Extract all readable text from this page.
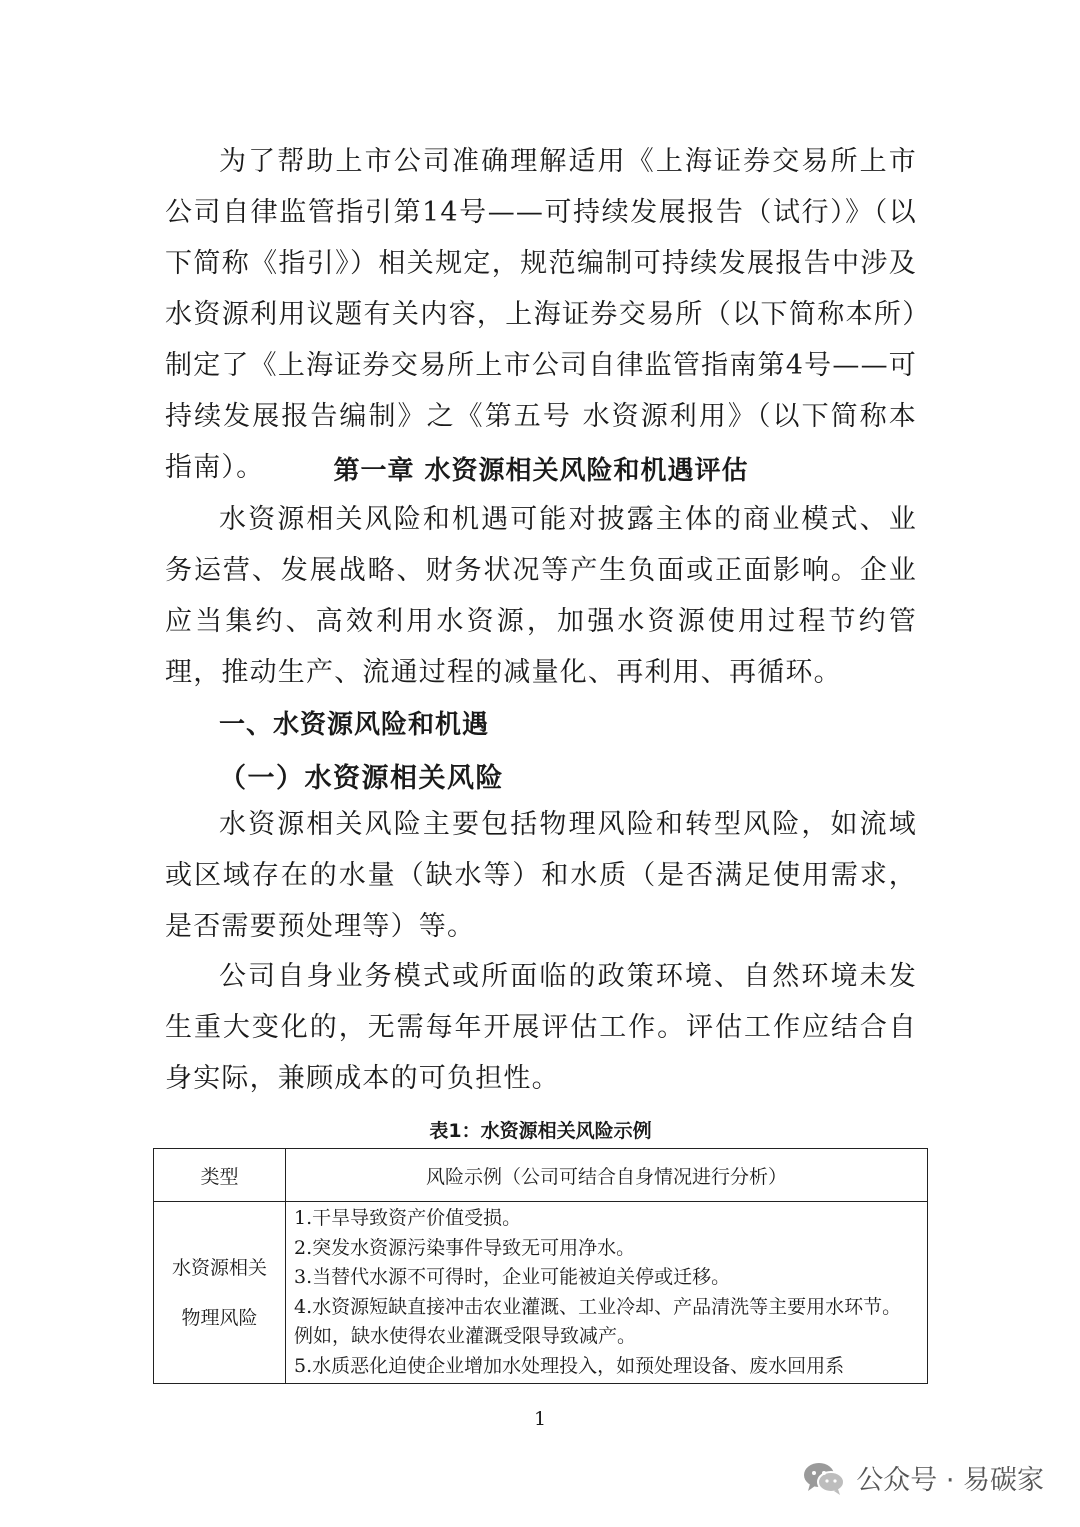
为了帮助上市公司准确理解适用《上海证券交易所上市公司自律监管指引第14号——可持续发展报告（试行）》（以下简称《指引》）相关规定，规范编制可持续发展报告中涉及水资源利用议题有关内容，上海证券交易所（以下简称本所）制定了《上海证券交易所上市公司自律监管指南第4号——可持续发展报告编制》之《第五号 水资源利用》（以下简称本指南）。	第一章 水资源相关风险和机遇评估

水资源相关风险和机遇可能对披露主体的商业模式、业务运营、发展战略、财务状况等产生负面或正面影响。企业应当集约、高效利用水资源，加强水资源使用过程节约管理，推动生产、流通过程的减量化、再利用、再循环。

一、水资源风险和机遇
（一）水资源相关风险

水资源相关风险主要包括物理风险和转型风险，如流域或区域存在的水量（缺水等）和水质（是否满足使用需求，是否需要预处理等）等。

公司自身业务模式或所面临的政策环境、自然环境未发生重大变化的，无需每年开展评估工作。评估工作应结合自身实际，兼顾成本的可负担性。

表1：水资源相关风险示例
类型	风险示例（公司可结合自身情况进行分析）
水资源相关
物理风险	1.干旱导致资产价值受损。
2.突发水资源污染事件导致无可用净水。
3.当替代水源不可得时，企业可能被迫关停或迁移。
4.水资源短缺直接冲击农业灌溉、工业冷却、产品清洗等主要用水环节。例如，缺水使得农业灌溉受限导致减产。
5.水质恶化迫使企业增加水处理投入，如预处理设备、废水回用系
1
公众号 · 易碳家
